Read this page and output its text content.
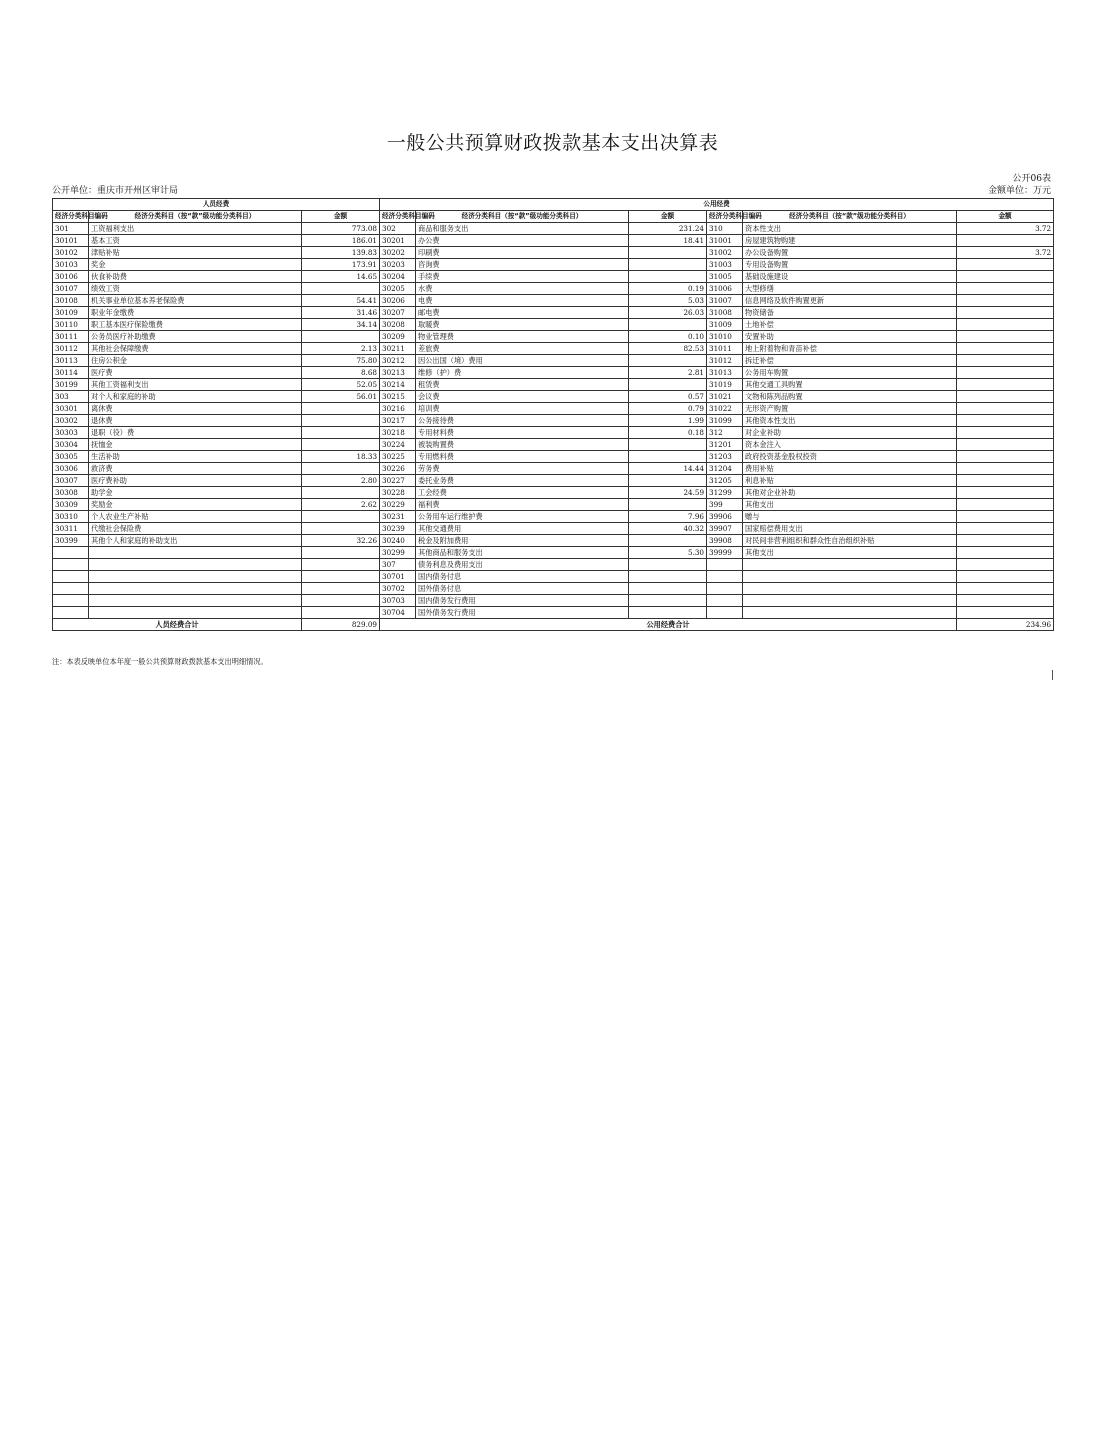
一般公共预算财政拨款基本支出决算表
公开06表
公开单位：重庆市开州区审计局	金额单位：万元
人员经费			公用经费					
经济分类科目编码	经济分类科目（按“款”级功能分类科目）	金额	经济分类科目编码	经济分类科目（按“款”级功能分类科目）	金额	经济分类科目编码	经济分类科目（按“款”级功能分类科目）	金额
301	工资福利支出	773.08	302	商品和服务支出	231.24	310	资本性支出	3.72
30101	基本工资	186.01	30201	办公费	18.41	31001	房屋建筑物购建	
30102	津贴补贴	139.83	30202	印刷费		31002	办公设备购置	3.72
30103	奖金	173.91	30203	咨询费		31003	专用设备购置	
30106	伙食补助费	14.65	30204	手续费		31005	基础设施建设	
30107	绩效工资		30205	水费	0.19	31006	大型修缮	
30108	机关事业单位基本养老保险费	54.41	30206	电费	5.03	31007	信息网络及软件购置更新	
30109	职业年金缴费	31.46	30207	邮电费	26.03	31008	物资储备	
30110	职工基本医疗保险缴费	34.14	30208	取暖费		31009	土地补偿	
30111	公务员医疗补助缴费		30209	物业管理费	0.10	31010	安置补助	
30112	其他社会保障缴费	2.13	30211	差旅费	82.53	31011	地上附着物和青苗补偿	
30113	住房公积金	75.80	30212	因公出国（境）费用		31012	拆迁补偿	
30114	医疗费	8.68	30213	维修（护）费	2.81	31013	公务用车购置	
30199	其他工资福利支出	52.05	30214	租赁费		31019	其他交通工具购置	
303	对个人和家庭的补助	56.01	30215	会议费	0.57	31021	文物和陈列品购置	
30301	离休费		30216	培训费	0.79	31022	无形资产购置	
30302	退休费		30217	公务接待费	1.99	31099	其他资本性支出	
30303	退职（役）费		30218	专用材料费	0.18	312	对企业补助	
30304	抚恤金		30224	被装购置费		31201	资本金注入	
30305	生活补助	18.33	30225	专用燃料费		31203	政府投资基金股权投资	
30306	救济费		30226	劳务费	14.44	31204	费用补贴	
30307	医疗费补助	2.80	30227	委托业务费		31205	利息补贴	
30308	助学金		30228	工会经费	24.59	31299	其他对企业补助	
30309	奖励金	2.62	30229	福利费		399	其他支出	
30310	个人农业生产补贴		30231	公务用车运行维护费	7.96	39906	赠与	
30311	代缴社会保险费		30239	其他交通费用	40.32	39907	国家赔偿费用支出	
30399	其他个人和家庭的补助支出	32.26	30240	税金及附加费用		39908	对民间非营利组织和群众性自治组织补贴	
			30299	其他商品和服务支出	5.30	39999	其他支出	
			307	债务利息及费用支出				
			30701	国内债务付息				
			30702	国外债务付息				
			30703	国内债务发行费用				
			30704	国外债务发行费用				
人员经费合计		829.09	公用经费合计					234.96
注：本表反映单位本年度一般公共预算财政拨款基本支出明细情况。
